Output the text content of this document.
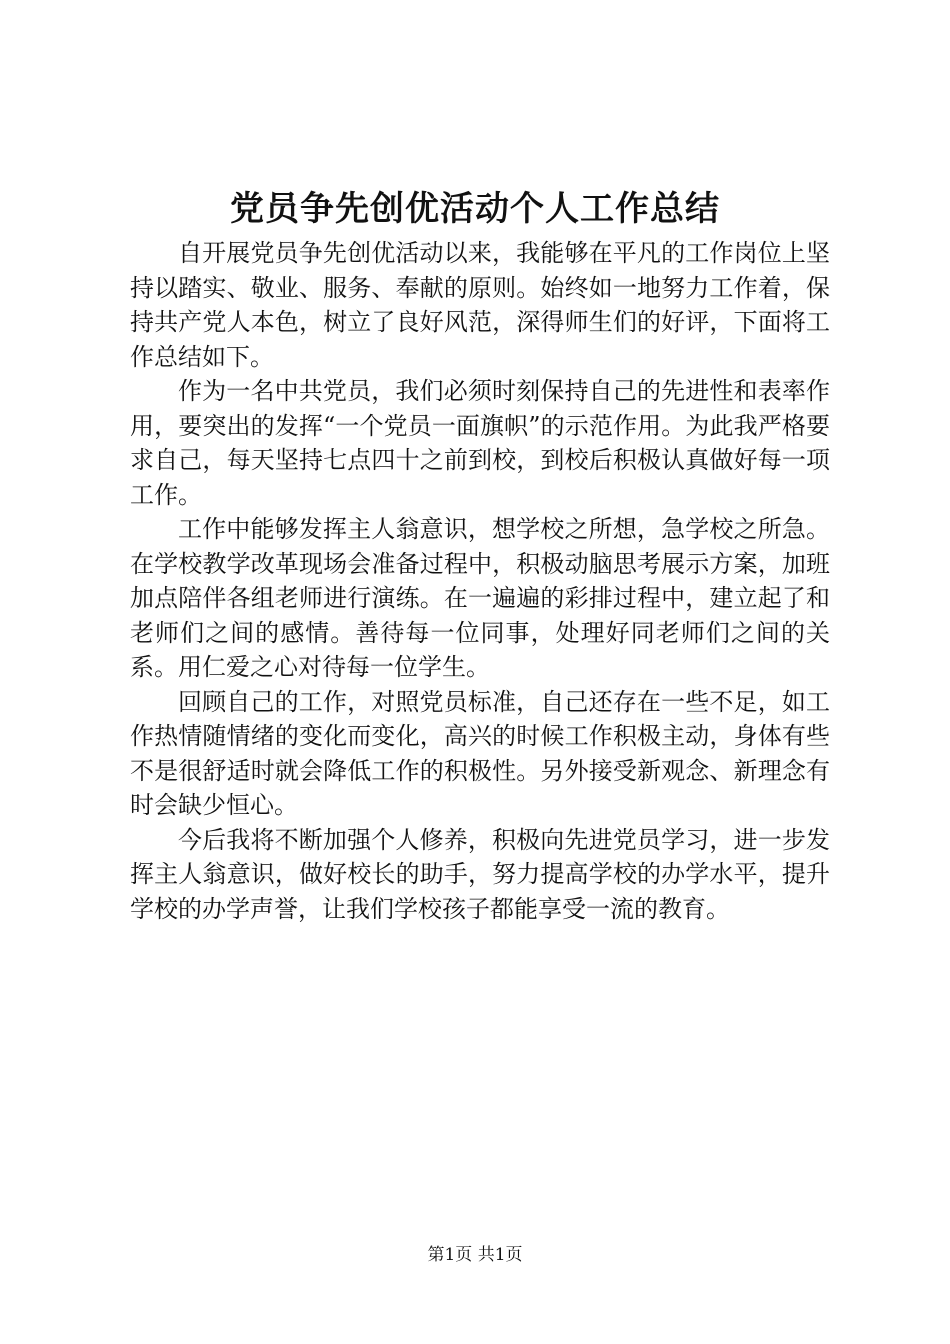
党员争先创优活动个人工作总结

自开展党员争先创优活动以来，我能够在平凡的工作岗位上坚持以踏实、敬业、服务、奉献的原则。始终如一地努力工作着，保持共产党人本色，树立了良好风范，深得师生们的好评，下面将工作总结如下。

作为一名中共党员，我们必须时刻保持自己的先进性和表率作用，要突出的发挥“一个党员一面旗帜”的示范作用。为此我严格要求自己，每天坚持七点四十之前到校，到校后积极认真做好每一项工作。

工作中能够发挥主人翁意识，想学校之所想，急学校之所急。在学校教学改革现场会准备过程中，积极动脑思考展示方案，加班加点陪伴各组老师进行演练。在一遍遍的彩排过程中，建立起了和老师们之间的感情。善待每一位同事，处理好同老师们之间的关系。用仁爱之心对待每一位学生。

回顾自己的工作，对照党员标准，自己还存在一些不足，如工作热情随情绪的变化而变化，高兴的时候工作积极主动，身体有些不是很舒适时就会降低工作的积极性。另外接受新观念、新理念有时会缺少恒心。

今后我将不断加强个人修养，积极向先进党员学习，进一步发挥主人翁意识，做好校长的助手，努力提高学校的办学水平，提升学校的办学声誉，让我们学校孩子都能享受一流的教育。

第1页 共1页
